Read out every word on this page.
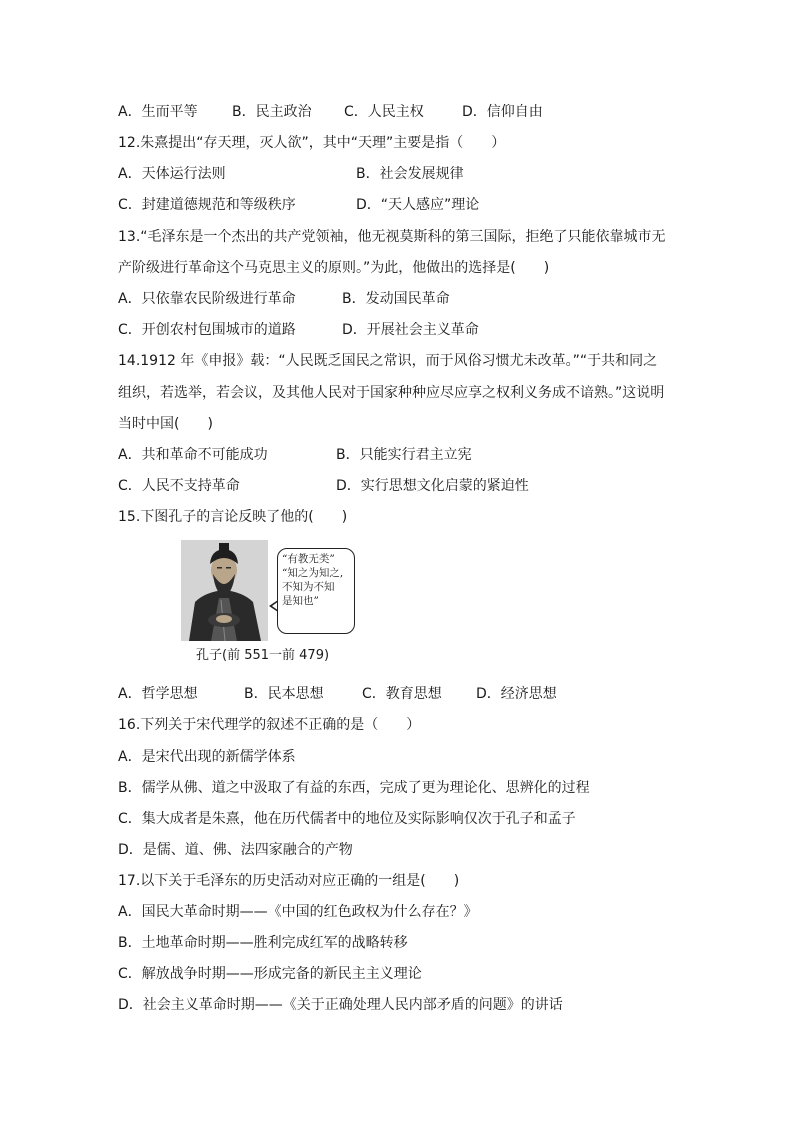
A．生而平等 B．民主政治 C．人民主权	D．信仰自由
12.朱熹提出“存天理，灭人欲”，其中“天理”主要是指（　　）
A．天体运行法则	B．社会发展规律
C．封建道德规范和等级秩序	D．“天人感应”理论
13.“毛泽东是一个杰出的共产党领袖，他无视莫斯科的第三国际，拒绝了只能依靠城市无
产阶级进行革命这个马克思主义的原则。”为此，他做出的选择是(　　)
A．只依靠农民阶级进行革命	B．发动国民革命
C．开创农村包围城市的道路	D．开展社会主义革命
14.1912 年《申报》载：“人民既乏国民之常识，而于风俗习惯尤未改革。”“于共和同之
组织，若选举，若会议，及其他人民对于国家种种应尽应享之权利义务成不谙熟。”这说明
当时中国(　　)
A．共和革命不可能成功	B．只能实行君主立宪
C．人民不支持革命	D．实行思想文化启蒙的紧迫性
15.下图孔子的言论反映了他的(　　)
“有教无类”
“知之为知之,
不知为不知
是知也”
孔子(前 551一前 479)
A．哲学思想	B．民本思想	C．教育思想 D．经济思想
16.下列关于宋代理学的叙述不正确的是（　　）
A．是宋代出现的新儒学体系
B．儒学从佛、道之中汲取了有益的东西，完成了更为理论化、思辨化的过程
C．集大成者是朱熹，他在历代儒者中的地位及实际影响仅次于孔子和孟子
D．是儒、道、佛、法四家融合的产物
17.以下关于毛泽东的历史活动对应正确的一组是(　　)
A．国民大革命时期——《中国的红色政权为什么存在？》
B．土地革命时期——胜利完成红军的战略转移
C．解放战争时期——形成完备的新民主主义理论
D．社会主义革命时期——《关于正确处理人民内部矛盾的问题》的讲话
